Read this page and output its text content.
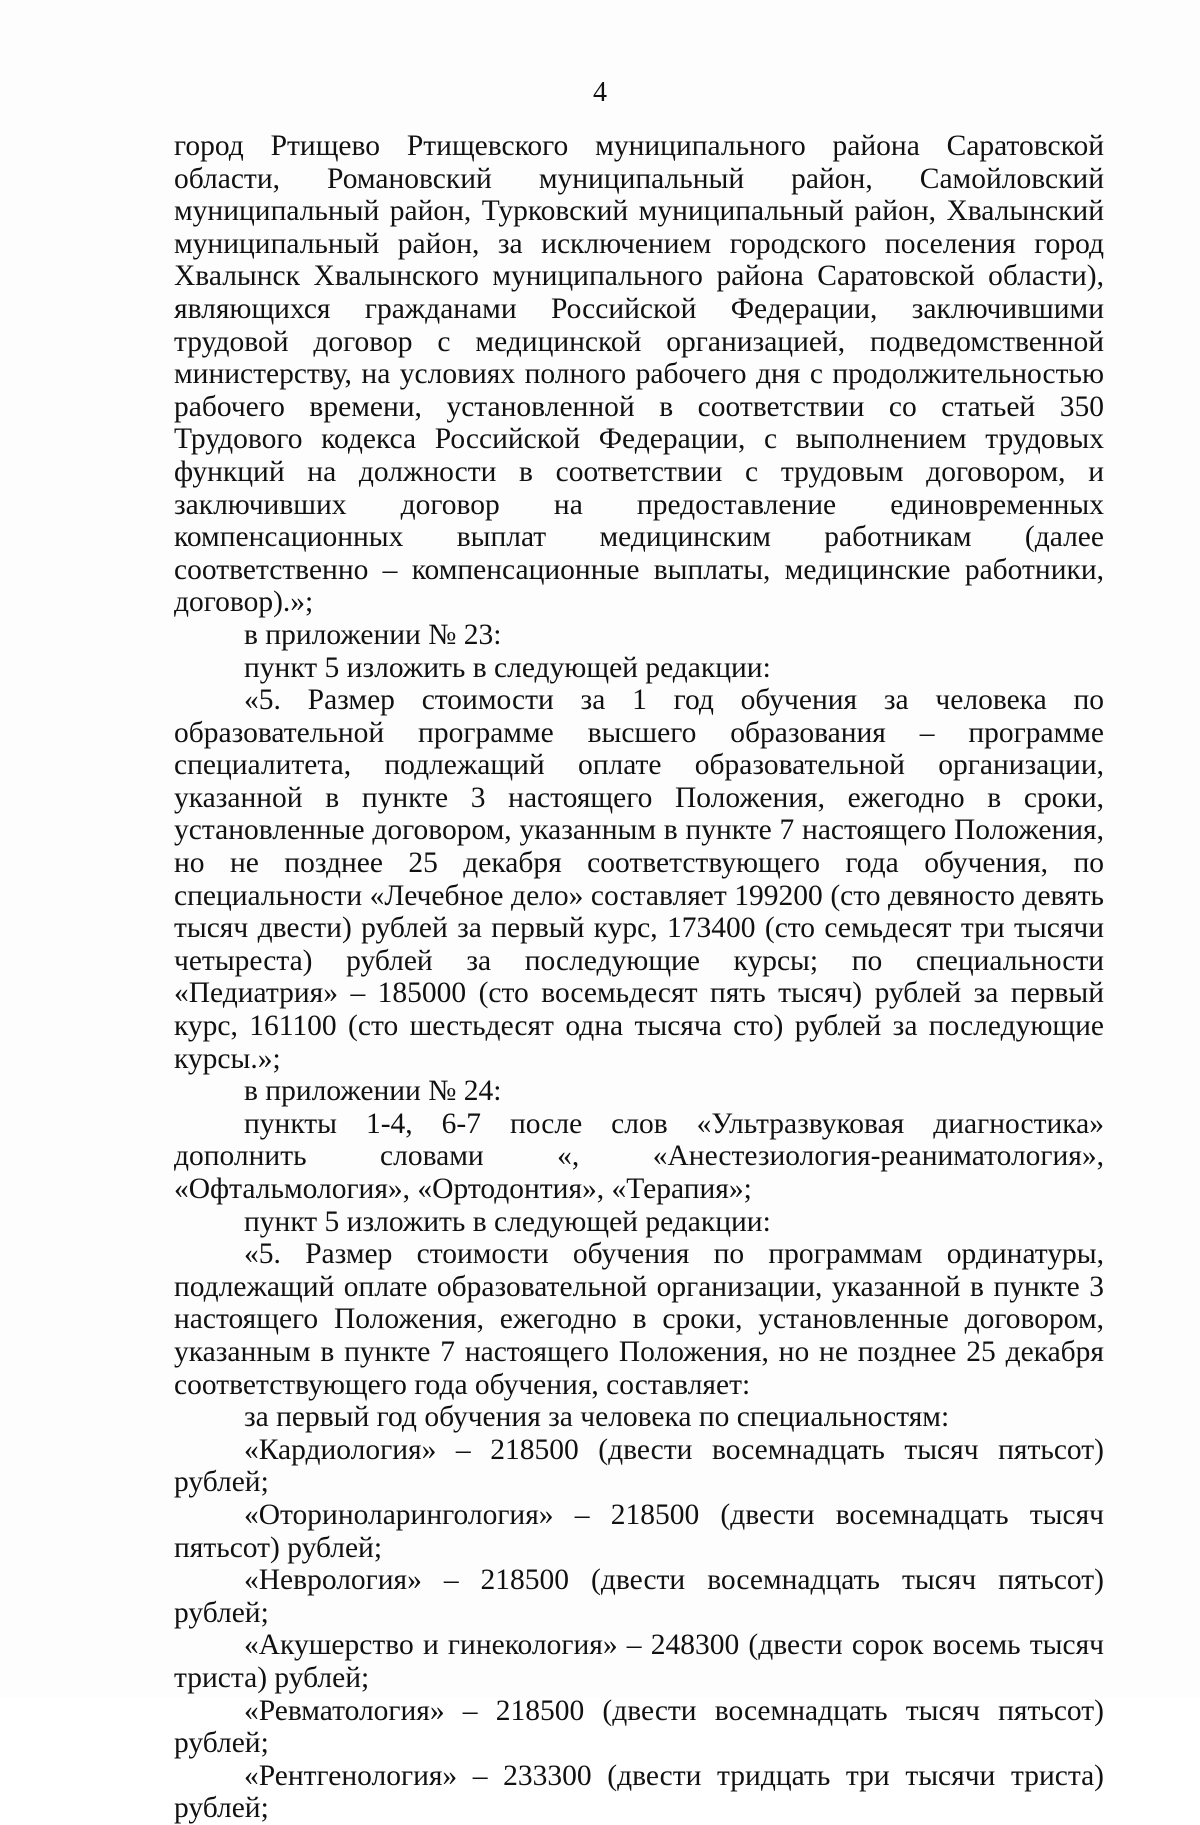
4

город Ртищево Ртищевского муниципального района Саратовской области, Романовский муниципальный район, Самойловский муниципальный район, Турковский муниципальный район, Хвалынский муниципальный район, за исключением городского поселения город Хвалынск Хвалынского муниципального района Саратовской области), являющихся гражданами Российской Федерации, заключившими трудовой договор с медицинской организацией, подведомственной министерству, на условиях полного рабочего дня с продолжительностью рабочего времени, установленной в соответствии со статьей 350 Трудового кодекса Российской Федерации, с выполнением трудовых функций на должности в соответствии с трудовым договором, и заключивших договор на предоставление единовременных компенсационных выплат медицинским работникам (далее соответственно – компенсационные выплаты, медицинские работники, договор).»;

в приложении № 23:

пункт 5 изложить в следующей редакции:

«5. Размер стоимости за 1 год обучения за человека по образовательной программе высшего образования – программе специалитета, подлежащий оплате образовательной организации, указанной в пункте 3 настоящего Положения, ежегодно в сроки, установленные договором, указанным в пункте 7 настоящего Положения, но не позднее 25 декабря соответствующего года обучения, по специальности «Лечебное дело» составляет 199200 (сто девяносто девять тысяч двести) рублей за первый курс, 173400 (сто семьдесят три тысячи четыреста) рублей за последующие курсы; по специальности «Педиатрия» – 185000 (сто восемьдесят пять тысяч) рублей за первый курс, 161100 (сто шестьдесят одна тысяча сто) рублей за последующие курсы.»;

в приложении № 24:

пункты 1-4, 6-7 после слов «Ультразвуковая диагностика» дополнить словами «, «Анестезиология-реаниматология», «Офтальмология», «Ортодонтия», «Терапия»;

пункт 5 изложить в следующей редакции:

«5. Размер стоимости обучения по программам ординатуры, подлежащий оплате образовательной организации, указанной в пункте 3 настоящего Положения, ежегодно в сроки, установленные договором, указанным в пункте 7 настоящего Положения, но не позднее 25 декабря соответствующего года обучения, составляет:

за первый год обучения за человека по специальностям:

«Кардиология» – 218500 (двести восемнадцать тысяч пятьсот) рублей;

«Оториноларингология» – 218500 (двести восемнадцать тысяч пятьсот) рублей;

«Неврология» – 218500 (двести восемнадцать тысяч пятьсот) рублей;

«Акушерство и гинекология» – 248300 (двести сорок восемь тысяч триста) рублей;

«Ревматология» – 218500 (двести восемнадцать тысяч пятьсот) рублей;

«Рентгенология» – 233300 (двести тридцать три тысячи триста) рублей;
